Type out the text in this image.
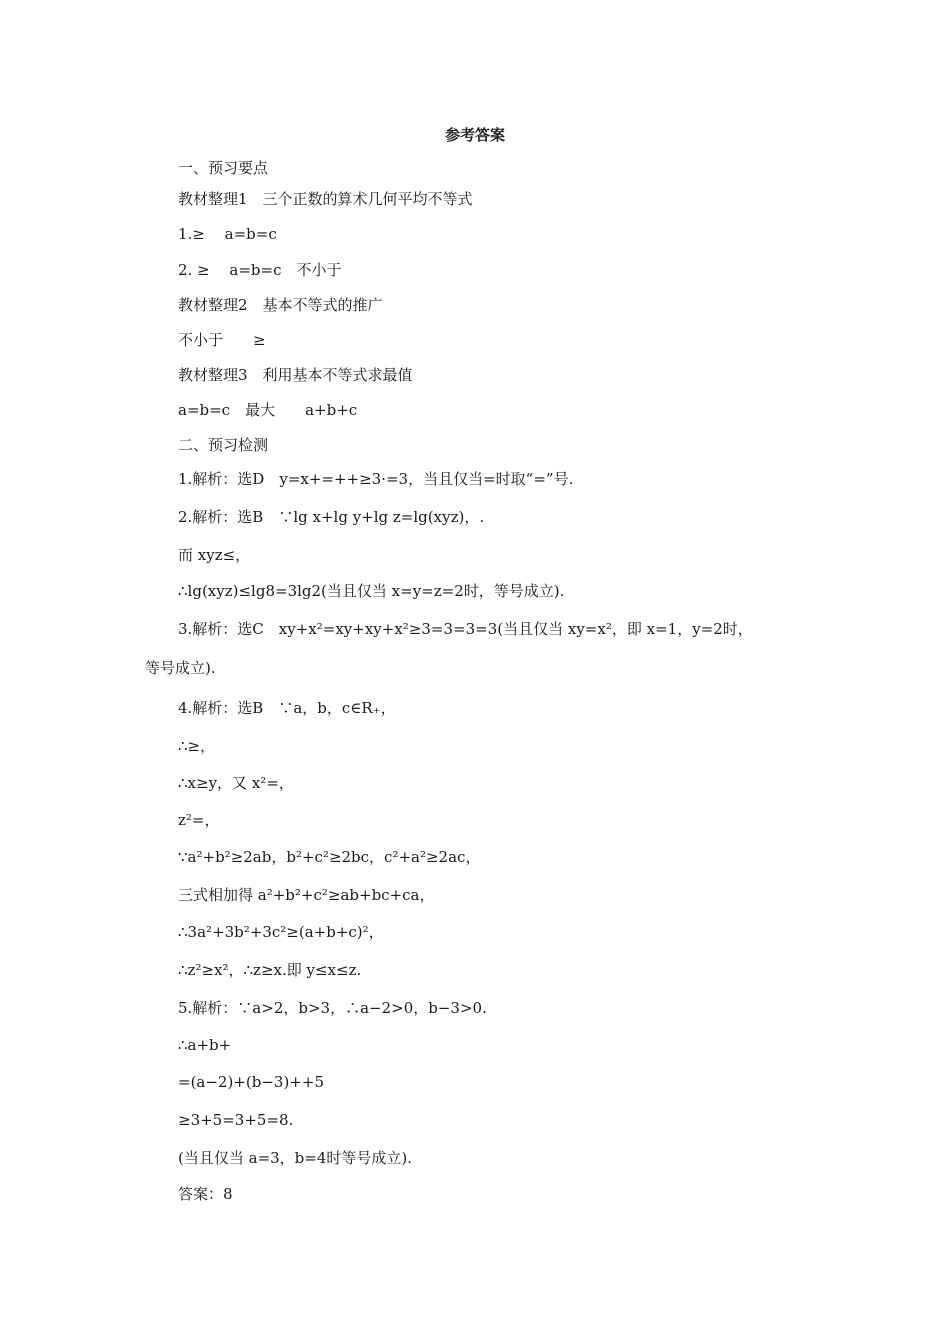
参考答案
一、预习要点
教材整理1　三个正数的算术几何平均不等式
1.≥　 a=b=c
2. ≥　 a=b=c　不小于
教材整理2　基本不等式的推广
不小于　　≥
教材整理3　利用基本不等式求最值
a=b=c　最大　　a+b+c
二、预习检测
1.解析：选D　y=x+=++≥3·=3，当且仅当=时取“=”号.
2.解析：选B　∵lg x+lg y+lg z=lg(xyz)，.
而 xyz≤，
∴lg(xyz)≤lg8=3lg2(当且仅当 x=y=z=2时，等号成立).
3.解析：选C　xy+x²=xy+xy+x²≥3=3=3=3(当且仅当 xy=x²，即 x=1，y=2时，
等号成立).
4.解析：选B　∵a，b，c∈R₊，
∴≥，
∴x≥y，又 x²=，
z²=，
∵a²+b²≥2ab，b²+c²≥2bc，c²+a²≥2ac，
三式相加得 a²+b²+c²≥ab+bc+ca，
∴3a²+3b²+3c²≥(a+b+c)²，
∴z²≥x²，∴z≥x.即 y≤x≤z.
5.解析：∵a>2，b>3，∴a−2>0，b−3>0.
∴a+b+
=(a−2)+(b−3)++5
≥3+5=3+5=8.
(当且仅当 a=3，b=4时等号成立).
答案：8
